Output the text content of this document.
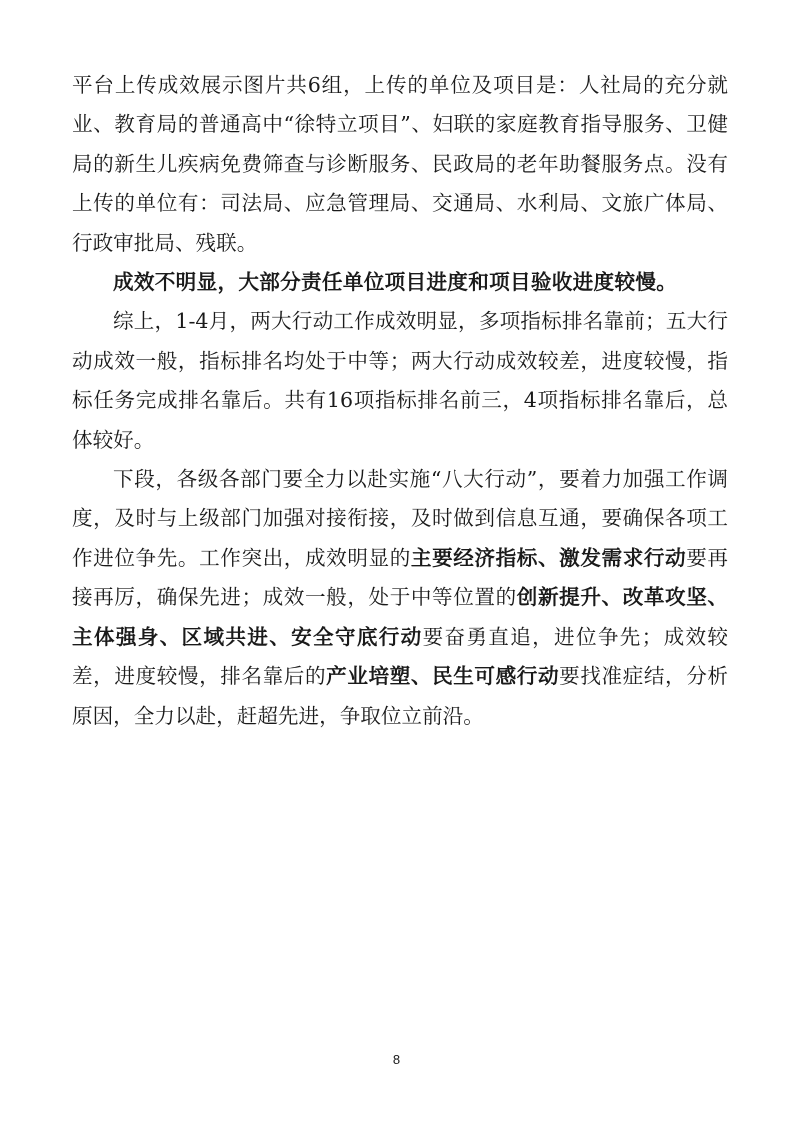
平台上传成效展示图片共6组，上传的单位及项目是：人社局的充分就业、教育局的普通高中“徐特立项目”、妇联的家庭教育指导服务、卫健局的新生儿疾病免费筛查与诊断服务、民政局的老年助餐服务点。没有上传的单位有：司法局、应急管理局、交通局、水利局、文旅广体局、行政审批局、残联。

成效不明显，大部分责任单位项目进度和项目验收进度较慢。

综上，1-4月，两大行动工作成效明显，多项指标排名靠前；五大行动成效一般，指标排名均处于中等；两大行动成效较差，进度较慢，指标任务完成排名靠后。共有16项指标排名前三，4项指标排名靠后，总体较好。

下段，各级各部门要全力以赴实施“八大行动”，要着力加强工作调度，及时与上级部门加强对接衔接，及时做到信息互通，要确保各项工作进位争先。工作突出，成效明显的主要经济指标、激发需求行动要再接再厉，确保先进；成效一般，处于中等位置的创新提升、改革攻坚、主体强身、区域共进、安全守底行动要奋勇直追，进位争先；成效较差，进度较慢，排名靠后的产业培塑、民生可感行动要找准症结，分析原因，全力以赴，赶超先进，争取位立前沿。

8
